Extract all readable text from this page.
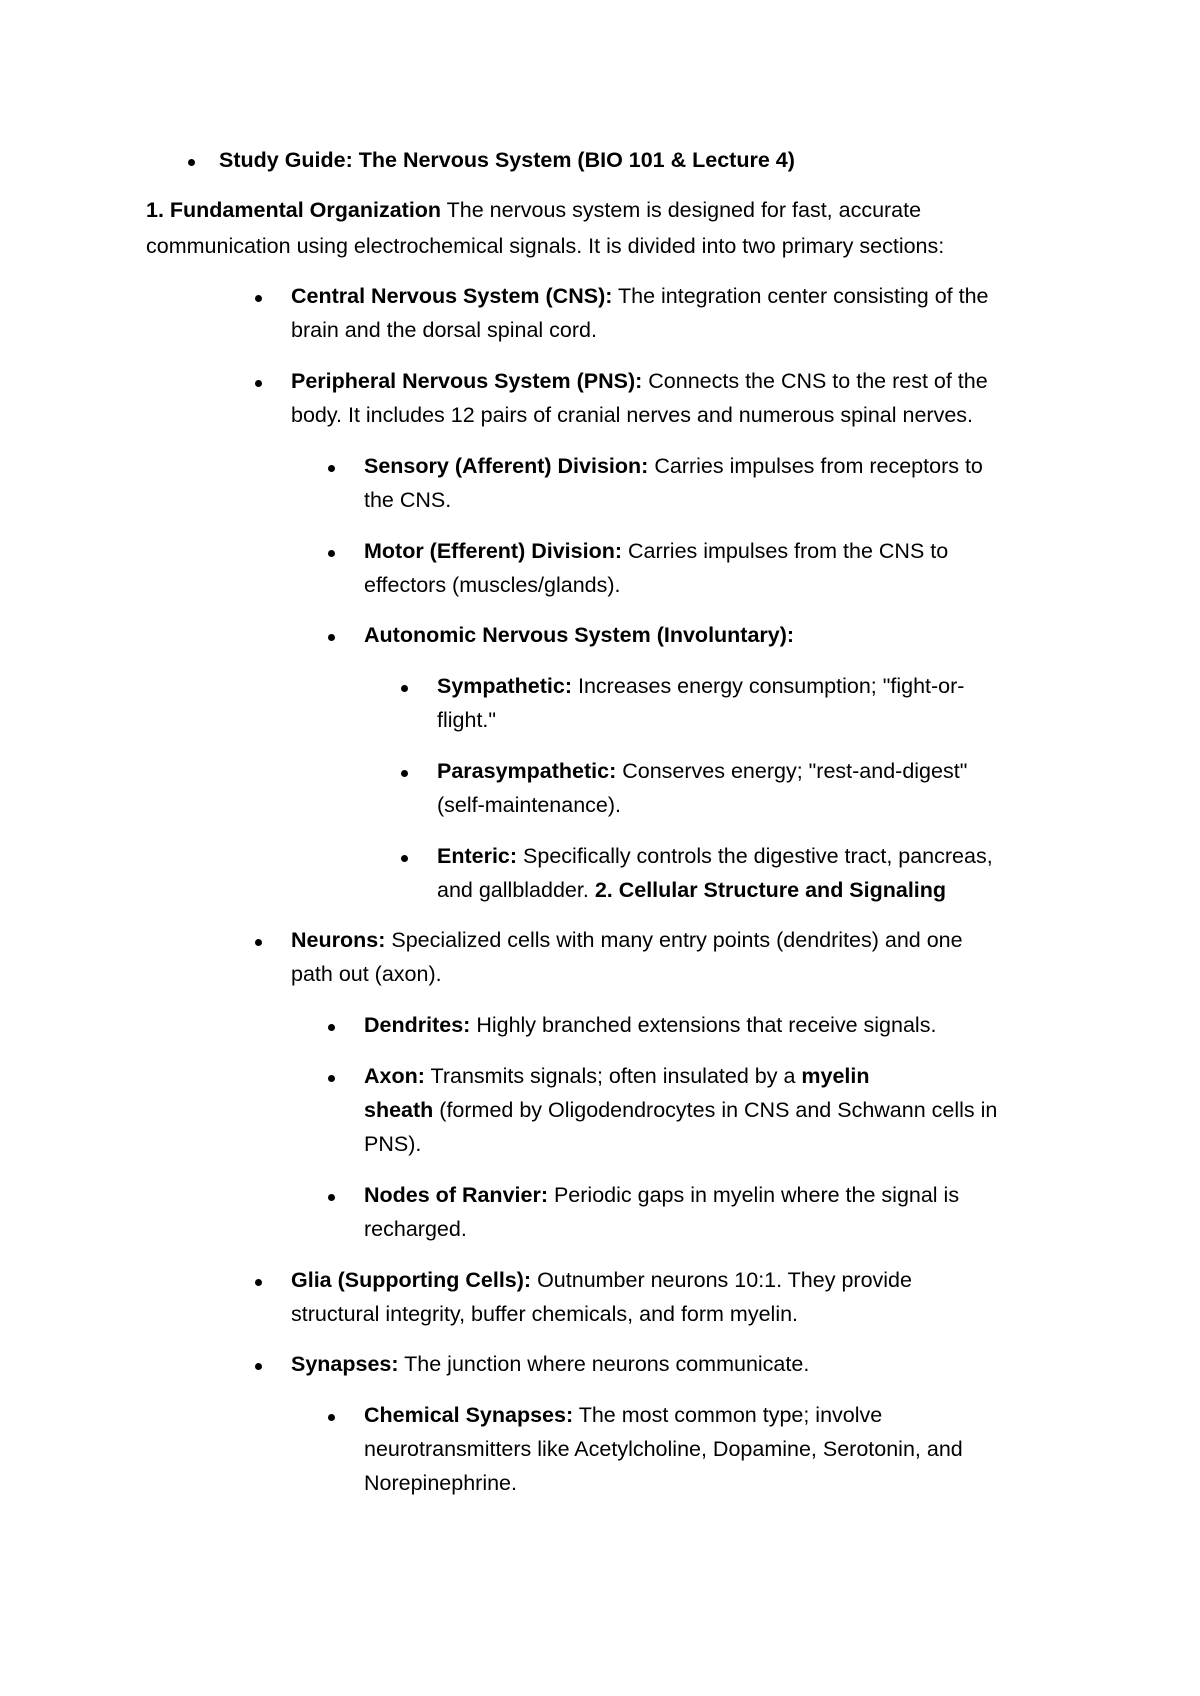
Study Guide: The Nervous System (BIO 101 & Lecture 4)

1. Fundamental Organization The nervous system is designed for fast, accurate

communication using electrochemical signals. It is divided into two primary sections:

Central Nervous System (CNS): The integration center consisting of the

brain and the dorsal spinal cord.

Peripheral Nervous System (PNS): Connects the CNS to the rest of the

body. It includes 12 pairs of cranial nerves and numerous spinal nerves.

Sensory (Afferent) Division: Carries impulses from receptors to

the CNS.

Motor (Efferent) Division: Carries impulses from the CNS to

effectors (muscles/glands).

Autonomic Nervous System (Involuntary):

Sympathetic: Increases energy consumption; "fight-or-

flight."

Parasympathetic: Conserves energy; "rest-and-digest"

(self-maintenance).

Enteric: Specifically controls the digestive tract, pancreas,

and gallbladder. 2. Cellular Structure and Signaling

Neurons: Specialized cells with many entry points (dendrites) and one

path out (axon).

Dendrites: Highly branched extensions that receive signals.

Axon: Transmits signals; often insulated by a myelin

sheath (formed by Oligodendrocytes in CNS and Schwann cells in

PNS).

Nodes of Ranvier: Periodic gaps in myelin where the signal is

recharged.

Glia (Supporting Cells): Outnumber neurons 10:1. They provide

structural integrity, buffer chemicals, and form myelin.

Synapses: The junction where neurons communicate.

Chemical Synapses: The most common type; involve

neurotransmitters like Acetylcholine, Dopamine, Serotonin, and

Norepinephrine.
